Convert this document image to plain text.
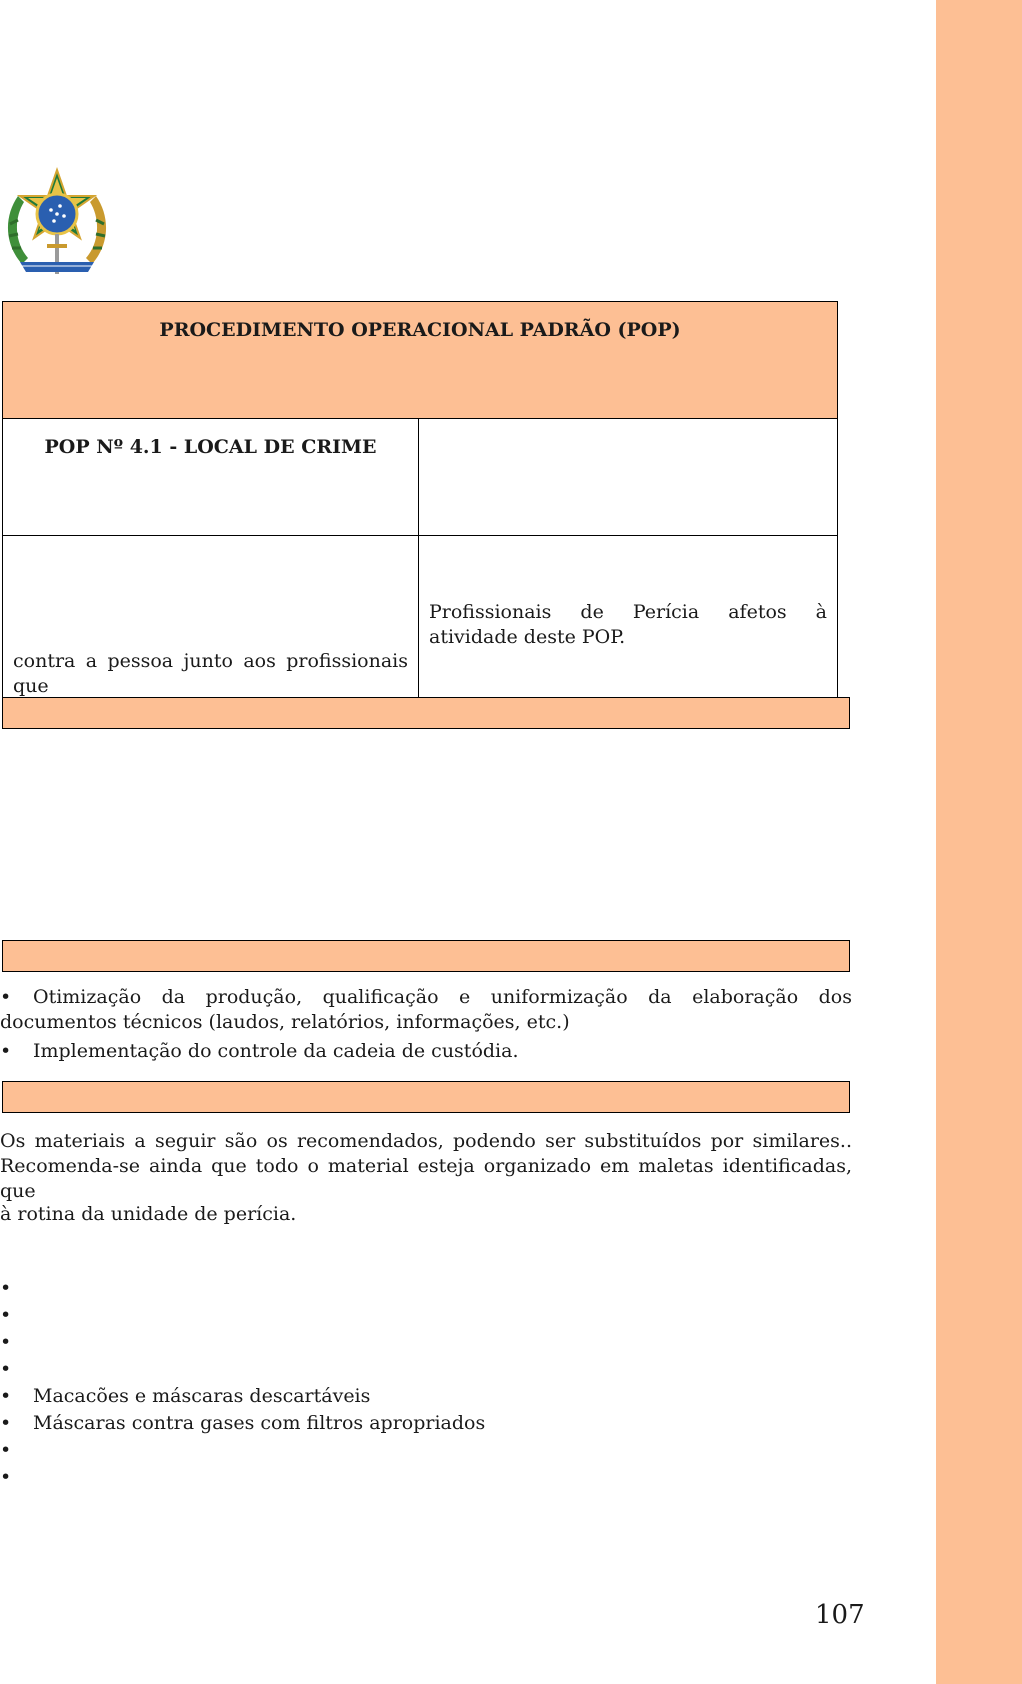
PROCEDIMENTO OPERACIONAL PADRÃO (POP)	
POP Nº 4.1 - LOCAL DE CRIME	

contra a pessoa junto aos profissionais que	Profissionais de Perícia afetos à atividade deste POP.
• Otimização da produção, qualificação e uniformização da elaboração dos documentos técnicos (laudos, relatórios, informações, etc.)
• Implementação do controle da cadeia de custódia.

Os materiais a seguir são os recomendados, podendo ser substituídos por similares.. Recomenda-se ainda que todo o material esteja organizado em maletas identificadas, que

à rotina da unidade de perícia.

•
•
•
•
• Macacões e máscaras descartáveis
• Máscaras contra gases com filtros apropriados
•
•
107
